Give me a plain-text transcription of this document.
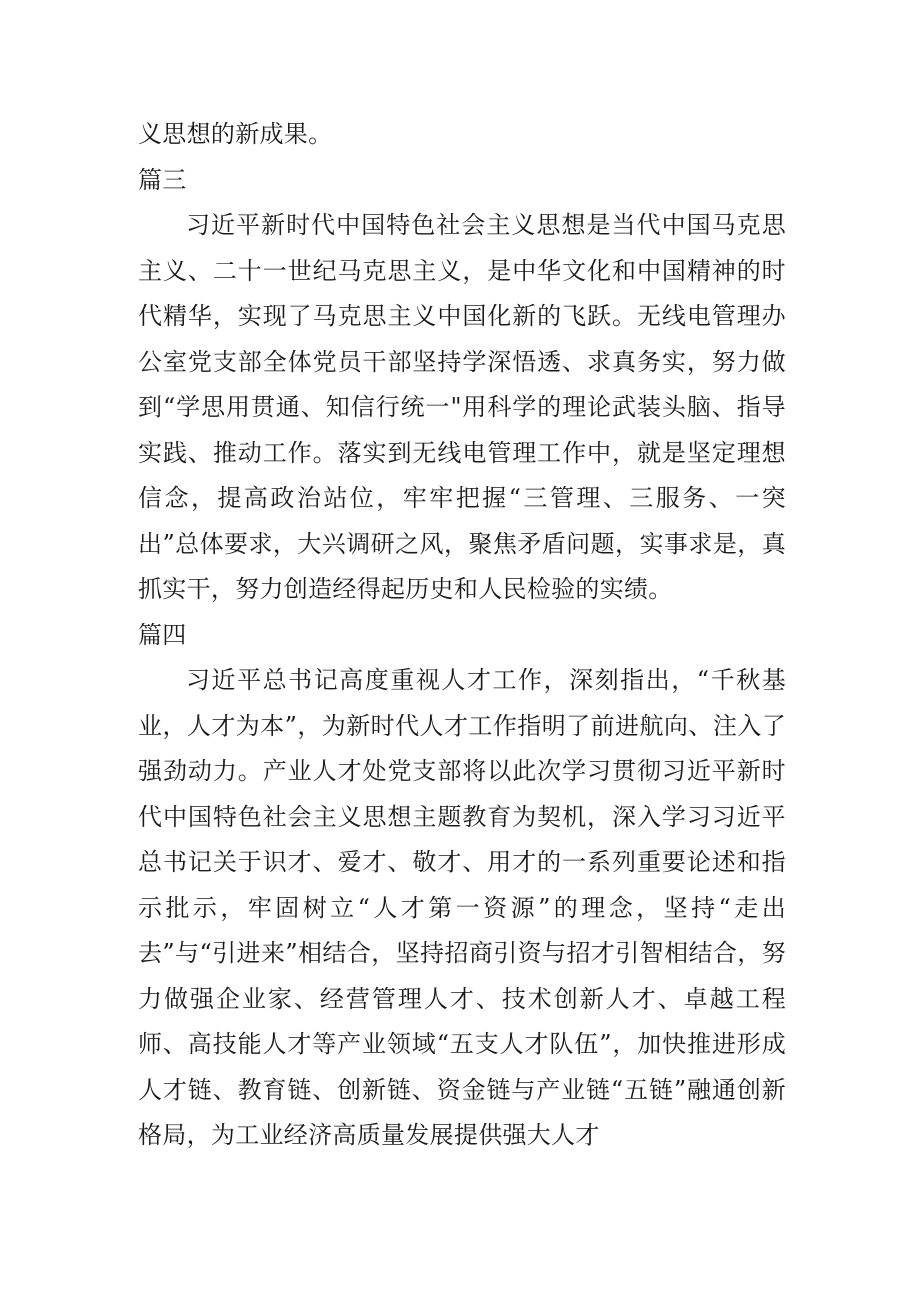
义思想的新成果。

篇三

习近平新时代中国特色社会主义思想是当代中国马克思主义、二十一世纪马克思主义，是中华文化和中国精神的时代精华，实现了马克思主义中国化新的飞跃。无线电管理办公室党支部全体党员干部坚持学深悟透、求真务实，努力做到“学思用贯通、知信行统一"用科学的理论武装头脑、指导实践、推动工作。落实到无线电管理工作中，就是坚定理想信念，提高政治站位，牢牢把握“三管理、三服务、一突出”总体要求，大兴调研之风，聚焦矛盾问题，实事求是，真抓实干，努力创造经得起历史和人民检验的实绩。

篇四

习近平总书记高度重视人才工作，深刻指出，“千秋基业，人才为本”，为新时代人才工作指明了前进航向、注入了强劲动力。产业人才处党支部将以此次学习贯彻习近平新时代中国特色社会主义思想主题教育为契机，深入学习习近平总书记关于识才、爱才、敬才、用才的一系列重要论述和指示批示，牢固树立“人才第一资源”的理念，坚持“走出去”与“引进来”相结合，坚持招商引资与招才引智相结合，努力做强企业家、经营管理人才、技术创新人才、卓越工程师、高技能人才等产业领域“五支人才队伍”，加快推进形成人才链、教育链、创新链、资金链与产业链“五链”融通创新格局，为工业经济高质量发展提供强大人才
